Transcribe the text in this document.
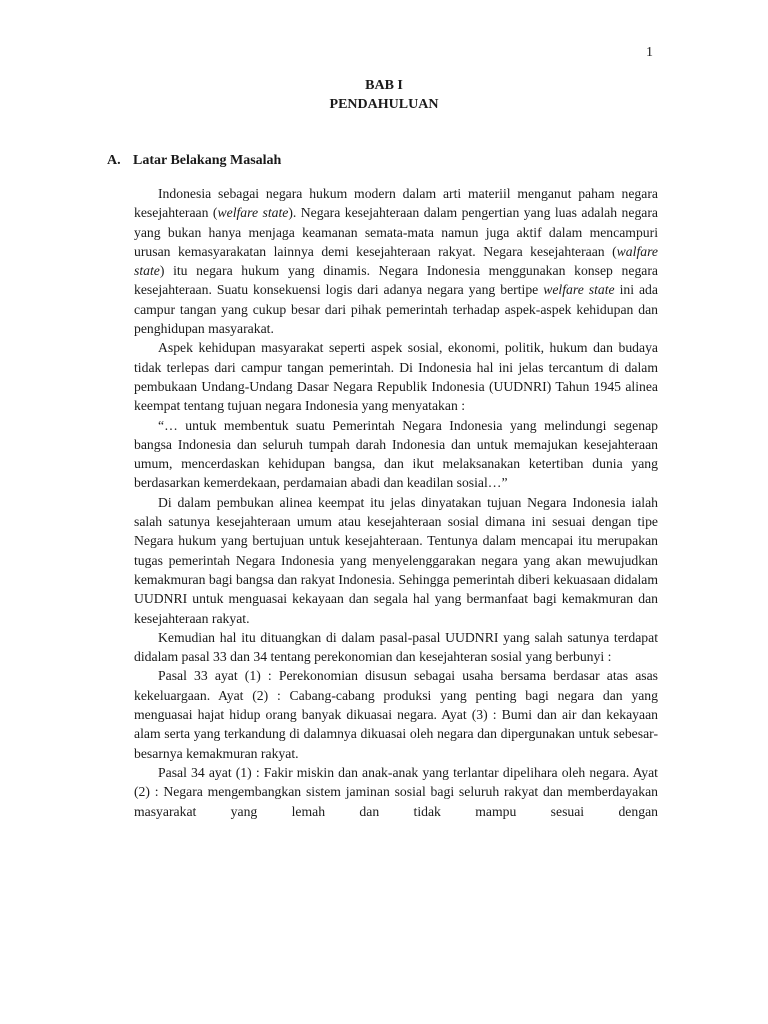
1
BAB I
PENDAHULUAN
A. Latar Belakang Masalah

Indonesia sebagai negara hukum modern dalam arti materiil menganut paham negara kesejahteraan (welfare state). Negara kesejahteraan dalam pengertian yang luas adalah negara yang bukan hanya menjaga keamanan semata-mata namun juga aktif dalam mencampuri urusan kemasyarakatan lainnya demi kesejahteraan rakyat. Negara kesejahteraan (walfare state) itu negara hukum yang dinamis. Negara Indonesia menggunakan konsep negara kesejahteraan. Suatu konsekuensi logis dari adanya negara yang bertipe welfare state ini ada campur tangan yang cukup besar dari pihak pemerintah terhadap aspek-aspek kehidupan dan penghidupan masyarakat.

Aspek kehidupan masyarakat seperti aspek sosial, ekonomi, politik, hukum dan budaya tidak terlepas dari campur tangan pemerintah. Di Indonesia hal ini jelas tercantum di dalam pembukaan Undang-Undang Dasar Negara Republik Indonesia (UUDNRI) Tahun 1945 alinea keempat tentang tujuan negara Indonesia yang menyatakan :

“… untuk membentuk suatu Pemerintah Negara Indonesia yang melindungi segenap bangsa Indonesia dan seluruh tumpah darah Indonesia dan untuk memajukan kesejahteraan umum, mencerdaskan kehidupan bangsa, dan ikut melaksanakan ketertiban dunia yang berdasarkan kemerdekaan, perdamaian abadi dan keadilan sosial…”

Di dalam pembukan alinea keempat itu jelas dinyatakan tujuan Negara Indonesia ialah salah satunya kesejahteraan umum atau kesejahteraan sosial dimana ini sesuai dengan tipe Negara hukum yang bertujuan untuk kesejahteraan. Tentunya dalam mencapai itu merupakan tugas pemerintah Negara Indonesia yang menyelenggarakan negara yang akan mewujudkan kemakmuran bagi bangsa dan rakyat Indonesia. Sehingga pemerintah diberi kekuasaan didalam UUDNRI untuk menguasai kekayaan dan segala hal yang bermanfaat bagi kemakmuran dan kesejahteraan rakyat.

Kemudian hal itu dituangkan di dalam pasal-pasal UUDNRI yang salah satunya terdapat didalam pasal 33 dan 34 tentang perekonomian dan kesejahteran sosial yang berbunyi :

Pasal 33 ayat (1) : Perekonomian disusun sebagai usaha bersama berdasar atas asas kekeluargaan. Ayat (2) : Cabang-cabang produksi yang penting bagi negara dan yang menguasai hajat hidup orang banyak dikuasai negara. Ayat (3) : Bumi dan air dan kekayaan alam serta yang terkandung di dalamnya dikuasai oleh negara dan dipergunakan untuk sebesar-besarnya kemakmuran rakyat.

Pasal 34 ayat (1) : Fakir miskin dan anak-anak yang terlantar dipelihara oleh negara. Ayat (2) : Negara mengembangkan sistem jaminan sosial bagi seluruh rakyat dan memberdayakan masyarakat yang lemah dan tidak mampu sesuai dengan
